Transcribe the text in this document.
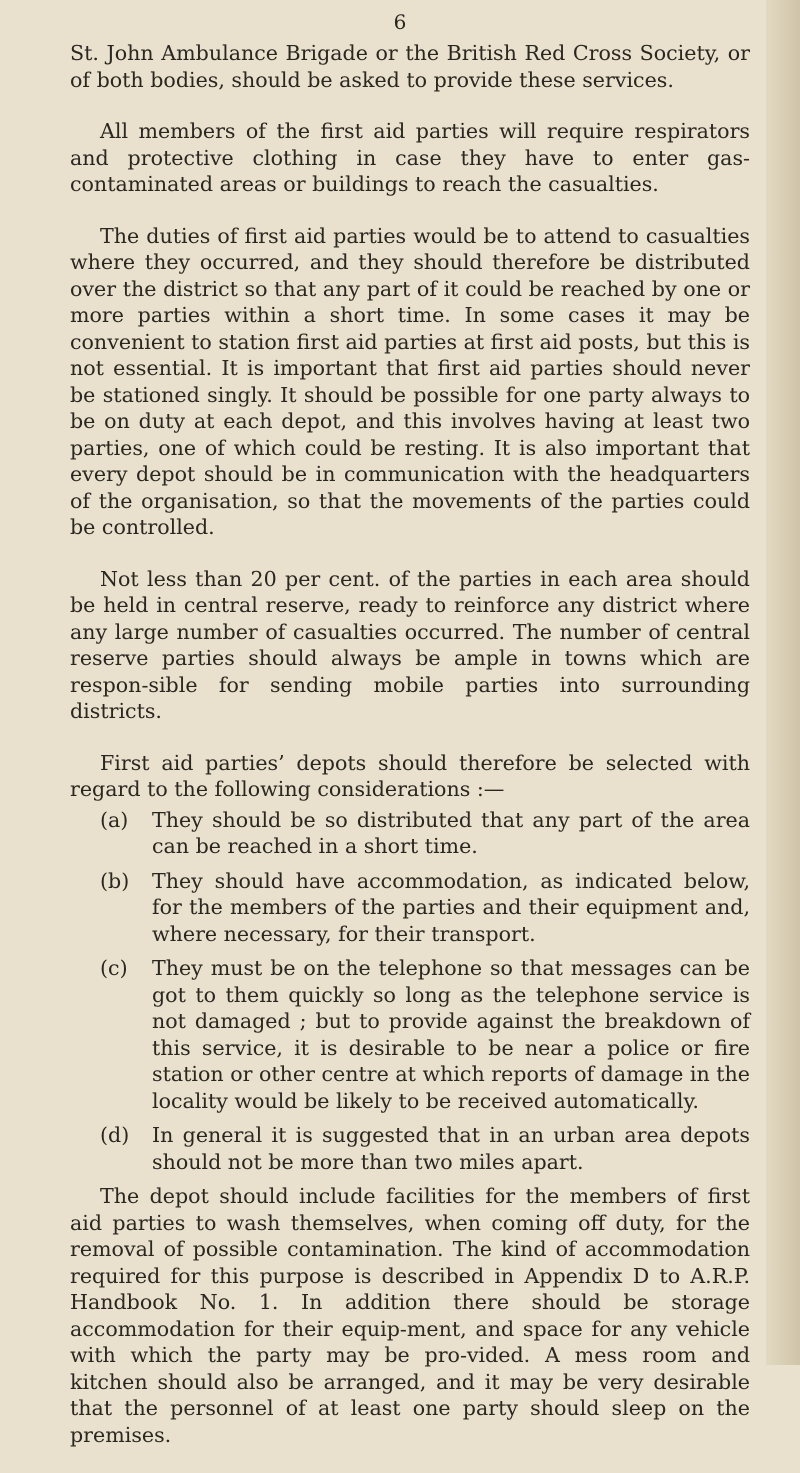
6

St. John Ambulance Brigade or the British Red Cross Society, or of both bodies, should be asked to provide these services.

All members of the first aid parties will require respirators and protective clothing in case they have to enter gas-contaminated areas or buildings to reach the casualties.

The duties of first aid parties would be to attend to casualties where they occurred, and they should therefore be distributed over the district so that any part of it could be reached by one or more parties within a short time. In some cases it may be convenient to station first aid parties at first aid posts, but this is not essential. It is important that first aid parties should never be stationed singly. It should be possible for one party always to be on duty at each depot, and this involves having at least two parties, one of which could be resting. It is also important that every depot should be in communication with the headquarters of the organisation, so that the movements of the parties could be controlled.

Not less than 20 per cent. of the parties in each area should be held in central reserve, ready to reinforce any district where any large number of casualties occurred. The number of central reserve parties should always be ample in towns which are respon-sible for sending mobile parties into surrounding districts.

First aid parties’ depots should therefore be selected with regard to the following considerations :—

(a)	They should be so distributed that any part of the area can be reached in a short time.
(b)	They should have accommodation, as indicated below, for the members of the parties and their equipment and, where necessary, for their transport.
(c)	They must be on the telephone so that messages can be got to them quickly so long as the telephone service is not damaged ; but to provide against the breakdown of this service, it is desirable to be near a police or fire station or other centre at which reports of damage in the locality would be likely to be received automatically.
(d)	In general it is suggested that in an urban area depots should not be more than two miles apart.

The depot should include facilities for the members of first aid parties to wash themselves, when coming off duty, for the removal of possible contamination. The kind of accommodation required for this purpose is described in Appendix D to A.R.P. Handbook No. 1. In addition there should be storage accommodation for their equip-ment, and space for any vehicle with which the party may be pro-vided. A mess room and kitchen should also be arranged, and it may be very desirable that the personnel of at least one party should sleep on the premises.
